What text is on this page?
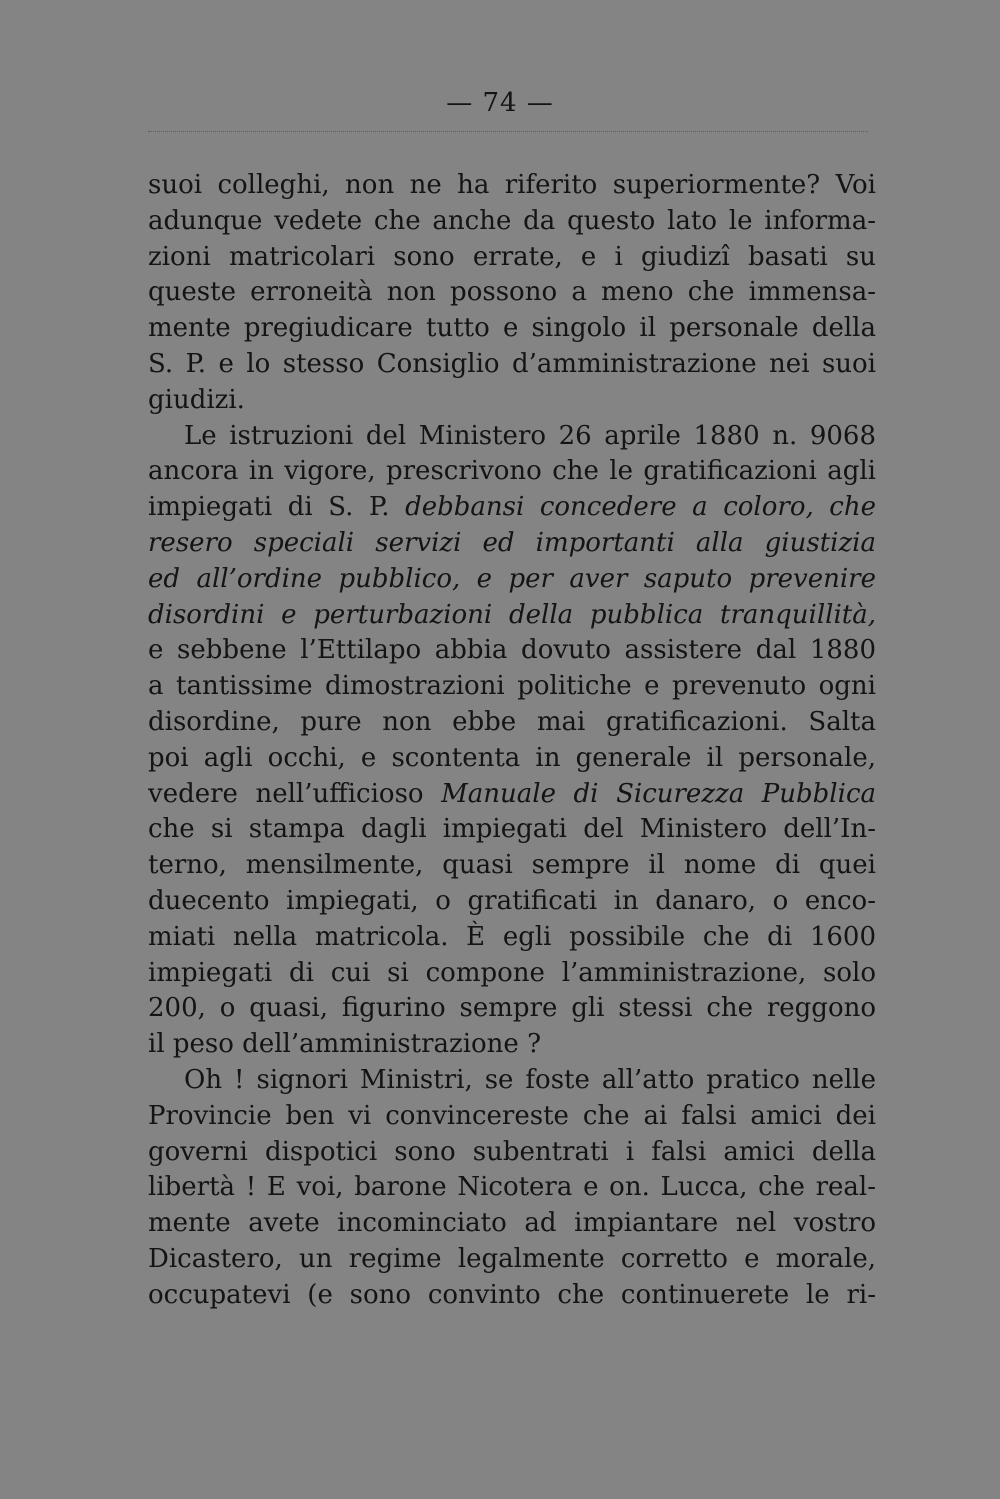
— 74 —
suoi colleghi, non ne ha riferito superiormente? Voi
adunque vedete che anche da questo lato le informa-
zioni matricolari sono errate, e i giudizî basati su
queste erroneità non possono a meno che immensa-
mente pregiudicare tutto e singolo il personale della
S. P. e lo stesso Consiglio d’amministrazione nei suoi
giudizi.
Le istruzioni del Ministero 26 aprile 1880 n. 9068
ancora in vigore, prescrivono che le gratificazioni agli
impiegati di S. P. debbansi concedere a coloro, che
resero speciali servizi ed importanti alla giustizia
ed all’ordine pubblico, e per aver saputo prevenire
disordini e perturbazioni della pubblica tranquillità,
e sebbene l’Ettilapo abbia dovuto assistere dal 1880
a tantissime dimostrazioni politiche e prevenuto ogni
disordine, pure non ebbe mai gratificazioni. Salta
poi agli occhi, e scontenta in generale il personale,
vedere nell’ufficioso Manuale di Sicurezza Pubblica
che si stampa dagli impiegati del Ministero dell’In-
terno, mensilmente, quasi sempre il nome di quei
duecento impiegati, o gratificati in danaro, o enco-
miati nella matricola. È egli possibile che di 1600
impiegati di cui si compone l’amministrazione, solo
200, o quasi, figurino sempre gli stessi che reggono
il peso dell’amministrazione ?
Oh ! signori Ministri, se foste all’atto pratico nelle
Provincie ben vi convincereste che ai falsi amici dei
governi dispotici sono subentrati i falsi amici della
libertà ! E voi, barone Nicotera e on. Lucca, che real-
mente avete incominciato ad impiantare nel vostro
Dicastero, un regime legalmente corretto e morale,
occupatevi (e sono convinto che continuerete le ri-
